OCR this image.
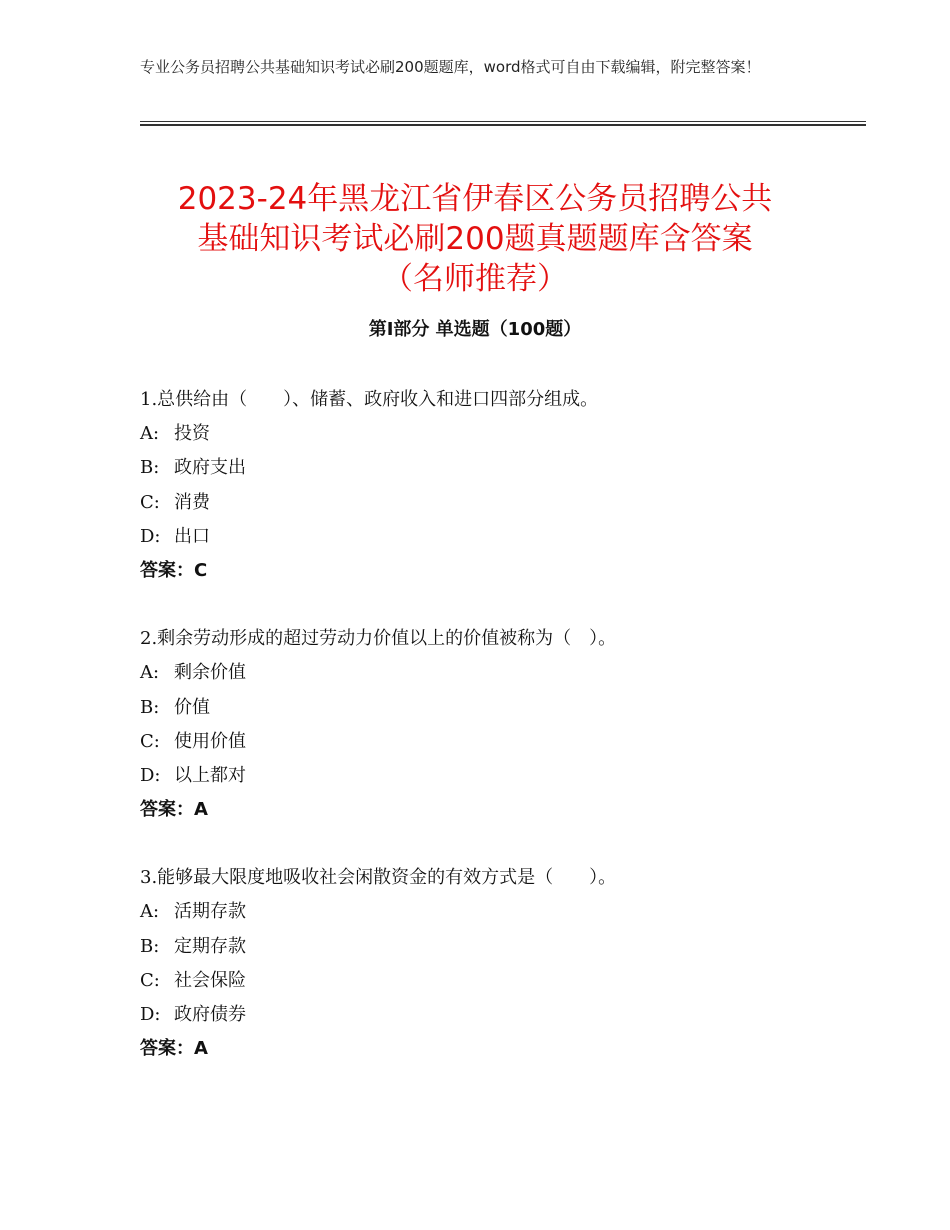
专业公务员招聘公共基础知识考试必刷200题题库，word格式可自由下载编辑，附完整答案！
2023-24年黑龙江省伊春区公务员招聘公共
基础知识考试必刷200题真题题库含答案
（名师推荐）
第Ⅰ部分 单选题（100题）
1.总供给由（　　）、储蓄、政府收入和进口四部分组成。
A: 投资
B: 政府支出
C: 消费
D: 出口
答案：C
2.剩余劳动形成的超过劳动力价值以上的价值被称为（　）。
A: 剩余价值
B: 价值
C: 使用价值
D: 以上都对
答案：A
3.能够最大限度地吸收社会闲散资金的有效方式是（　　）。
A: 活期存款
B: 定期存款
C: 社会保险
D: 政府债券
答案：A
